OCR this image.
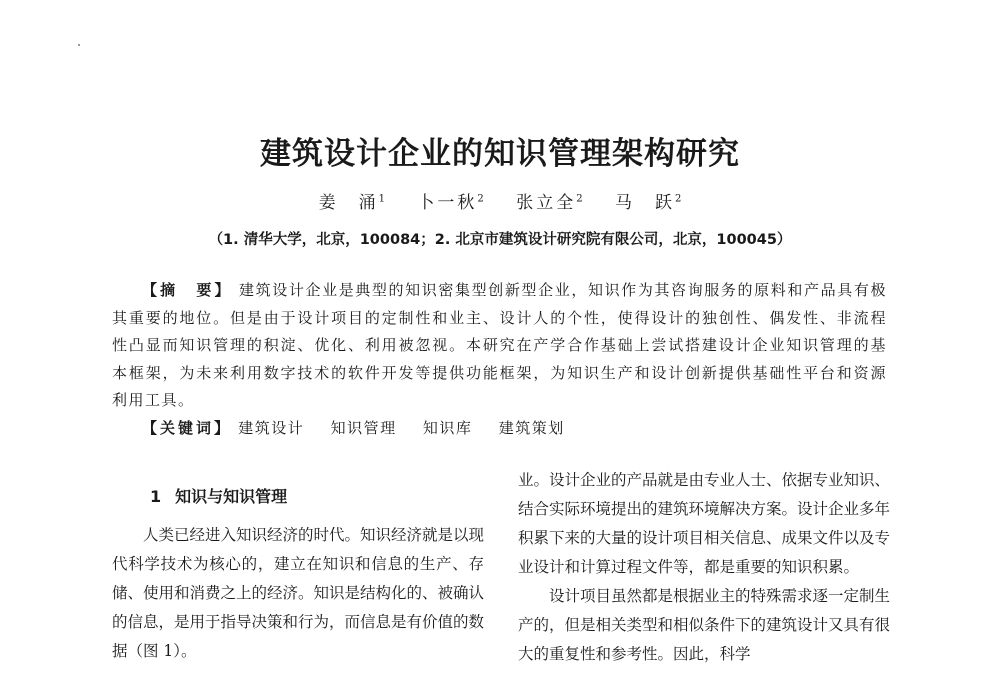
建筑设计企业的知识管理架构研究
姜　涌$^1$ 卜一秋$^2$ 张立全$^2$ 马　跃$^2$
（1. 清华大学，北京，100084；2. 北京市建筑设计研究院有限公司，北京，100045）

【摘　要】 建筑设计企业是典型的知识密集型创新型企业，知识作为其咨询服务的原料和产品具有极其重要的地位。但是由于设计项目的定制性和业主、设计人的个性，使得设计的独创性、偶发性、非流程性凸显而知识管理的积淀、优化、利用被忽视。本研究在产学合作基础上尝试搭建设计企业知识管理的基本框架，为未来利用数字技术的软件开发等提供功能框架，为知识生产和设计创新提供基础性平台和资源利用工具。

【关键词】 建筑设计 知识管理 知识库 建筑策划

1 知识与知识管理

人类已经进入知识经济的时代。知识经济就是以现代科学技术为核心的，建立在知识和信息的生产、存储、使用和消费之上的经济。知识是结构化的、被确认的信息，是用于指导决策和行为，而信息是有价值的数据（图 1）。

业。设计企业的产品就是由专业人士、依据专业知识、结合实际环境提出的建筑环境解决方案。设计企业多年积累下来的大量的设计项目相关信息、成果文件以及专业设计和计算过程文件等，都是重要的知识积累。

设计项目虽然都是根据业主的特殊需求逐一定制生产的，但是相关类型和相似条件下的建筑设计又具有很大的重复性和参考性。因此，科学
